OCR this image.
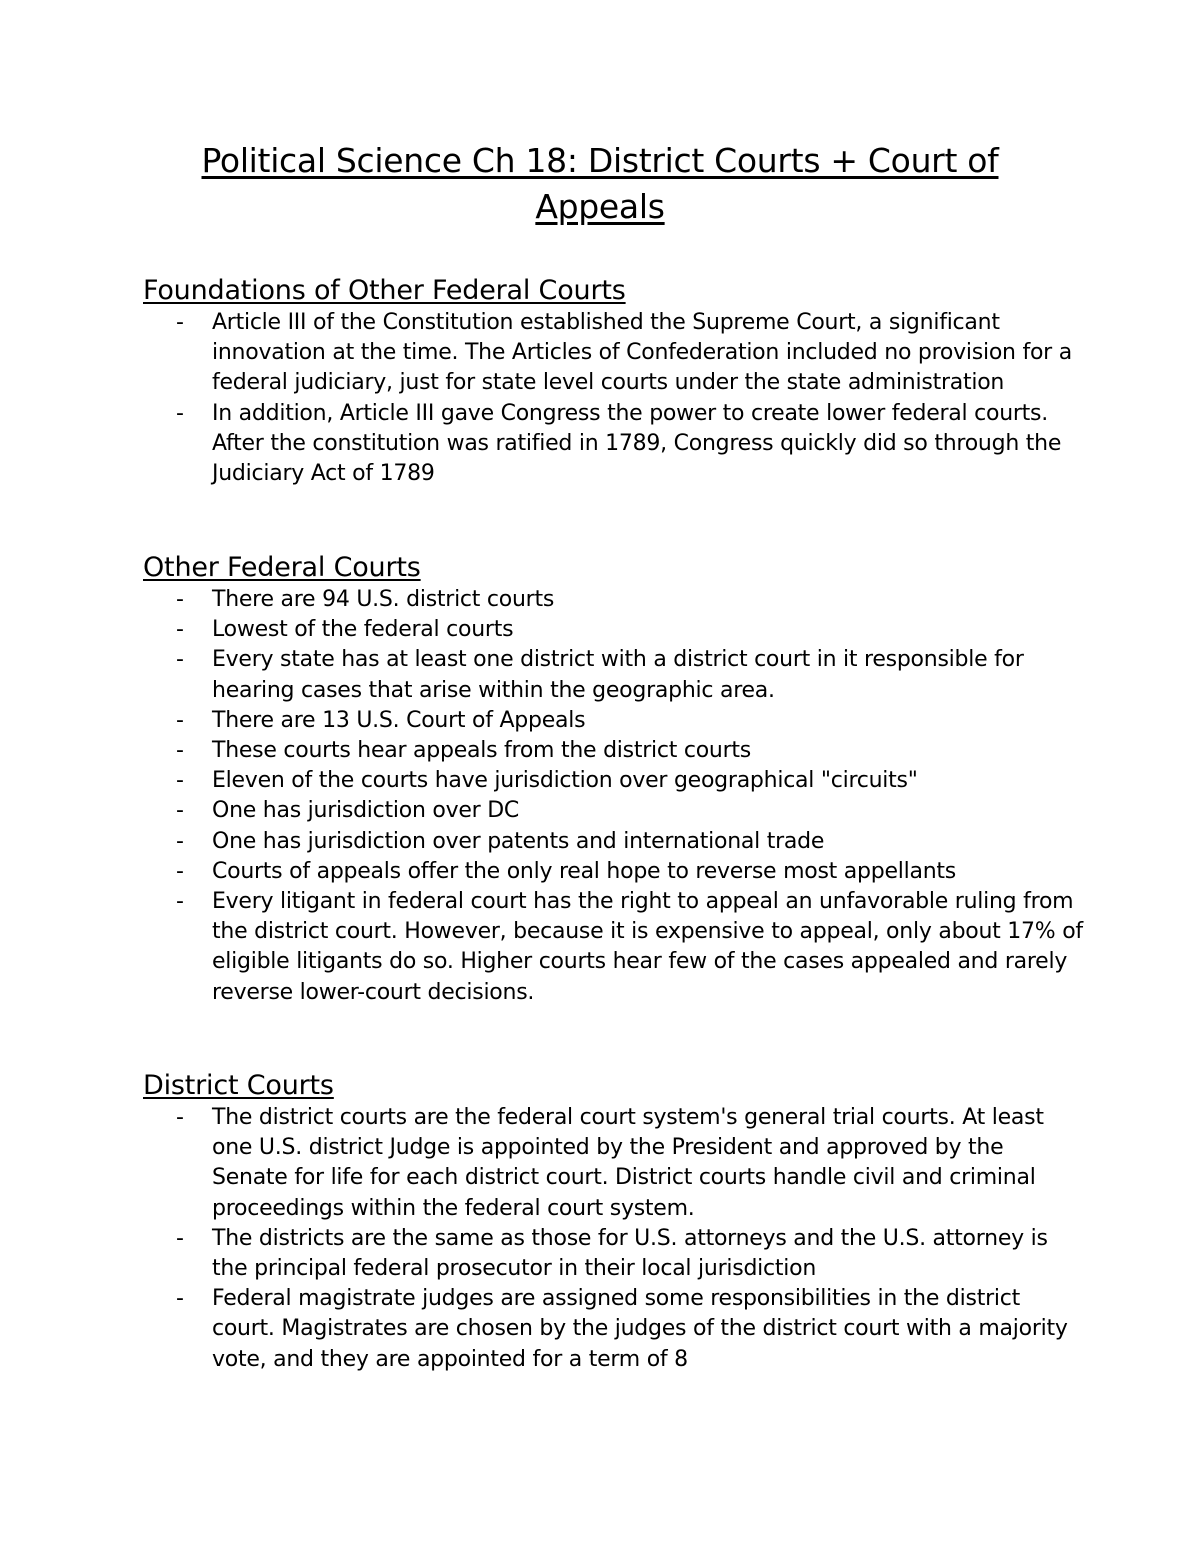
Political Science Ch 18: District Courts + Court of Appeals
Foundations of Other Federal Courts
- Article III of the Constitution established the Supreme Court, a significant innovation at the time. The Articles of Confederation included no provision for a federal judiciary, just for state level courts under the state administration
- In addition, Article III gave Congress the power to create lower federal courts. After the constitution was ratified in 1789, Congress quickly did so through the Judiciary Act of 1789
Other Federal Courts
- There are 94 U.S. district courts
- Lowest of the federal courts
- Every state has at least one district with a district court in it responsible for hearing cases that arise within the geographic area.
- There are 13 U.S. Court of Appeals
- These courts hear appeals from the district courts
- Eleven of the courts have jurisdiction over geographical "circuits"
- One has jurisdiction over DC
- One has jurisdiction over patents and international trade
- Courts of appeals offer the only real hope to reverse most appellants
- Every litigant in federal court has the right to appeal an unfavorable ruling from the district court. However, because it is expensive to appeal, only about 17% of eligible litigants do so. Higher courts hear few of the cases appealed and rarely reverse lower-court decisions.
District Courts
- The district courts are the federal court system's general trial courts. At least one U.S. district Judge is appointed by the President and approved by the Senate for life for each district court. District courts handle civil and criminal proceedings within the federal court system.
- The districts are the same as those for U.S. attorneys and the U.S. attorney is the principal federal prosecutor in their local jurisdiction
- Federal magistrate judges are assigned some responsibilities in the district court. Magistrates are chosen by the judges of the district court with a majority vote, and they are appointed for a term of 8
